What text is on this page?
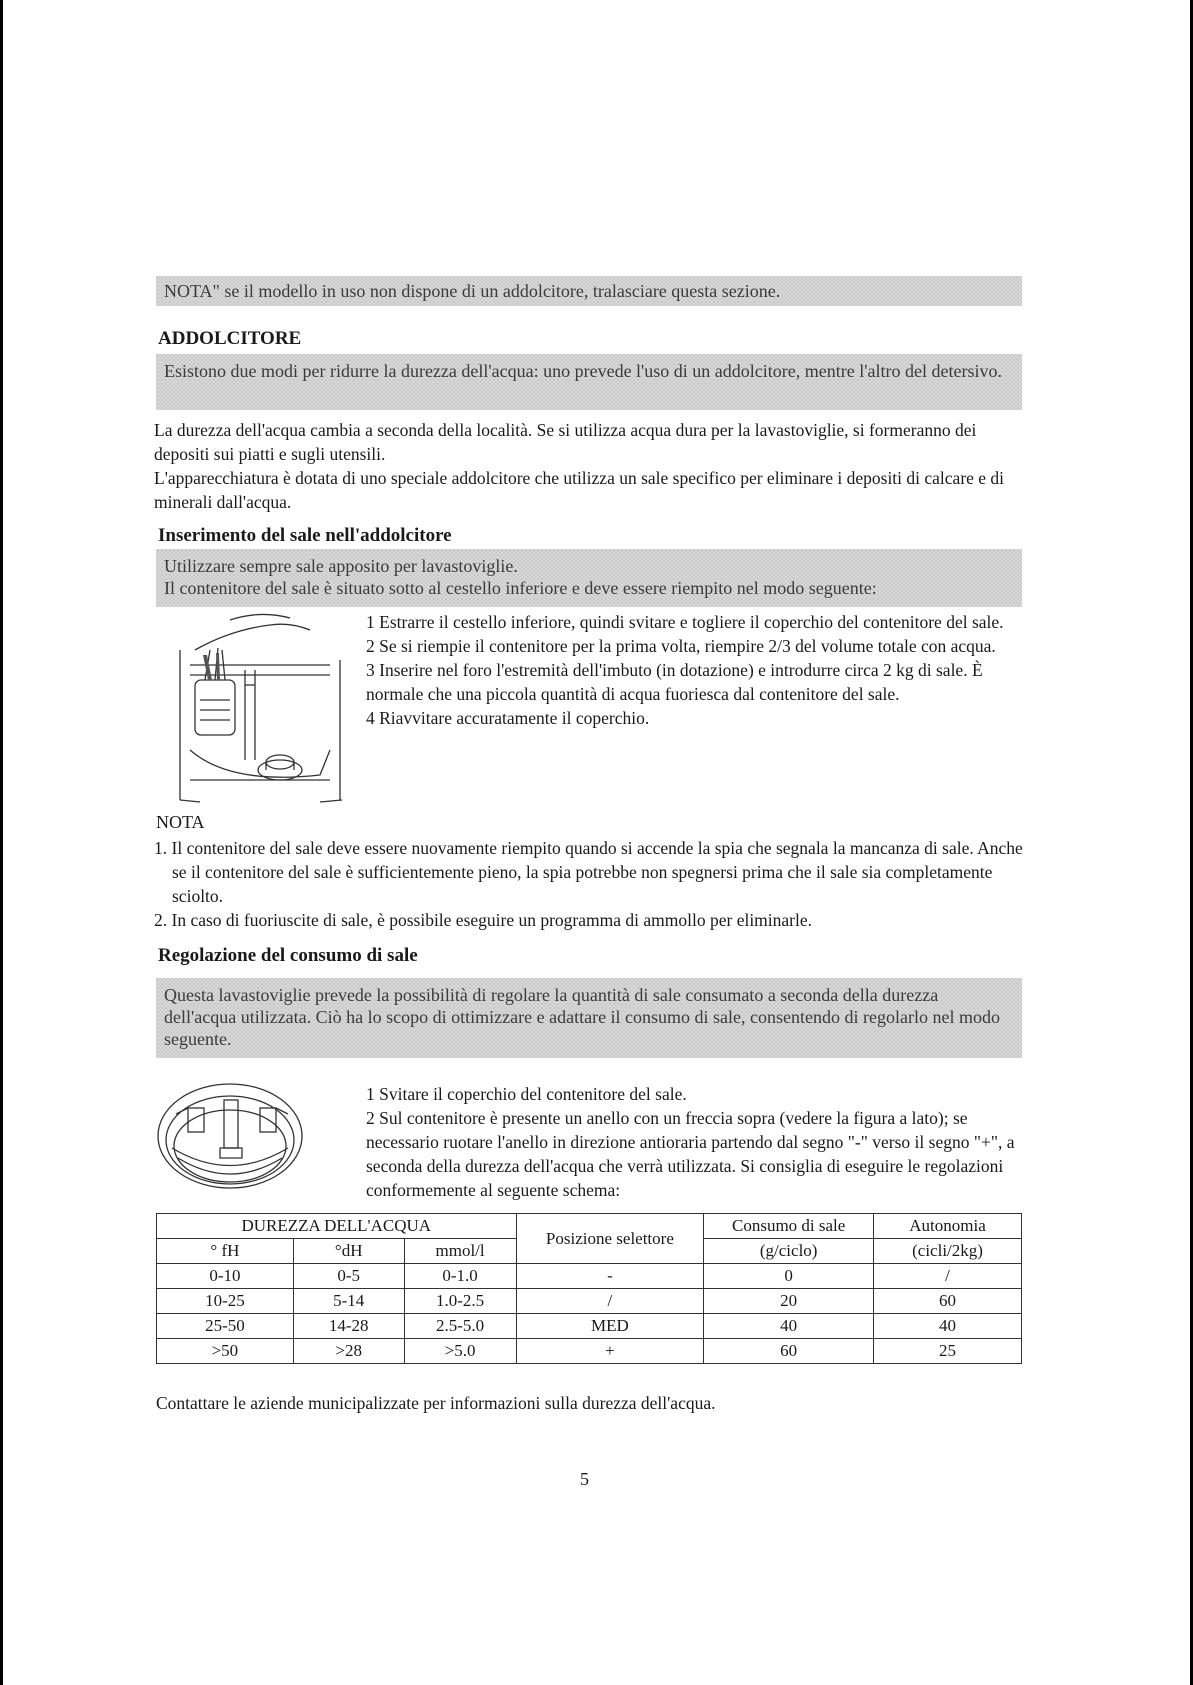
NOTA" se il modello in uso non dispone di un addolcitore, tralasciare questa sezione.
ADDOLCITORE
Esistono due modi per ridurre la durezza dell'acqua: uno prevede l'uso di un addolcitore, mentre l'altro del detersivo.
La durezza dell'acqua cambia a seconda della località. Se si utilizza acqua dura per la lavastoviglie, si formeranno dei depositi sui piatti e sugli utensili.
L'apparecchiatura è dotata di uno speciale addolcitore che utilizza un sale specifico per eliminare i depositi di calcare e di minerali dall'acqua.
Inserimento del sale nell'addolcitore
Utilizzare sempre sale apposito per lavastoviglie.
Il contenitore del sale è situato sotto al cestello inferiore e deve essere riempito nel modo seguente:

1 Estrarre il cestello inferiore, quindi svitare e togliere il coperchio del contenitore del sale.

2 Se si riempie il contenitore per la prima volta, riempire 2/3 del volume totale con acqua.

3 Inserire nel foro l'estremità dell'imbuto (in dotazione) e introdurre circa 2 kg di sale. È normale che una piccola quantità di acqua fuoriesca dal contenitore del sale.

4 Riavvitare accuratamente il coperchio.

NOTA
1. Il contenitore del sale deve essere nuovamente riempito quando si accende la spia che segnala la mancanza di sale. Anche se il contenitore del sale è sufficientemente pieno, la spia potrebbe non spegnersi prima che il sale sia completamente sciolto.
2. In caso di fuoriuscite di sale, è possibile eseguire un programma di ammollo per eliminarle.
Regolazione del consumo di sale
Questa lavastoviglie prevede la possibilità di regolare la quantità di sale consumato a seconda della durezza dell'acqua utilizzata. Ciò ha lo scopo di ottimizzare e adattare il consumo di sale, consentendo di regolarlo nel modo seguente.

1 Svitare il coperchio del contenitore del sale.

2 Sul contenitore è presente un anello con un freccia sopra (vedere la figura a lato); se necessario ruotare l'anello in direzione antioraria partendo dal segno "-" verso il segno "+", a seconda della durezza dell'acqua che verrà utilizzata. Si consiglia di eseguire le regolazioni conformemente al seguente schema:

DUREZZA DELL'ACQUA			Posizione selettore	Consumo di sale	Autonomia
° fH	°dH	mmol/l		(g/ciclo)	(cicli/2kg)
0-10	0-5	0-1.0	-	0	/
10-25	5-14	1.0-2.5	/	20	60
25-50	14-28	2.5-5.0	MED	40	40
>50	>28	>5.0	+	60	25
Contattare le aziende municipalizzate per informazioni sulla durezza dell'acqua.
5
